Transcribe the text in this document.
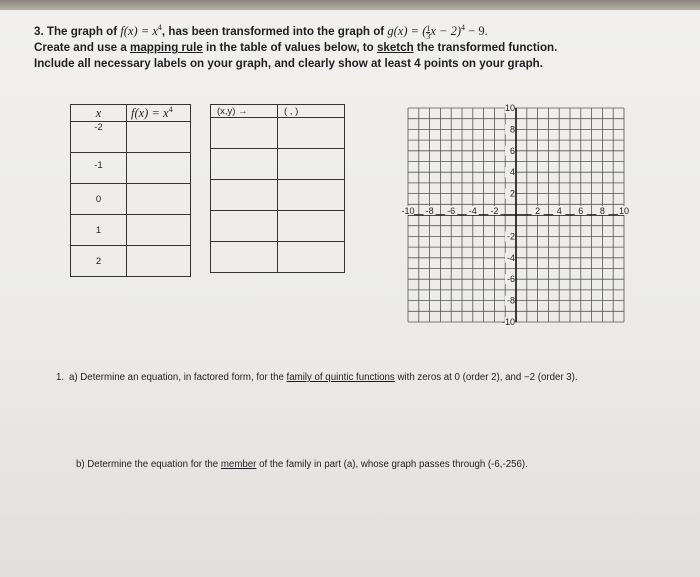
3. The graph of $f(x) = x^4$, has been transformed into the graph of g(x) = ( $\frac{1}{3}$ x − 2)$^4$ − 9.
Create and use a mapping rule in the table of values below, to sketch the transformed function.
Include all necessary labels on your graph, and clearly show at least 4 points on your graph.
x	$f(x) = x^4$

-2	

-1	

0	

1	

2	

(x,y) →	( , )

-10 -8 -6 -4 -2	2 4 6 8 10
10
8
6
4
2
-2
-4
-6
-8
-10
1. a) Determine an equation, in factored form, for the family of quintic functions with zeros at 0 (order 2), and −2 (order 3).
b) Determine the equation for the member of the family in part (a), whose graph passes through (-6,-256).
